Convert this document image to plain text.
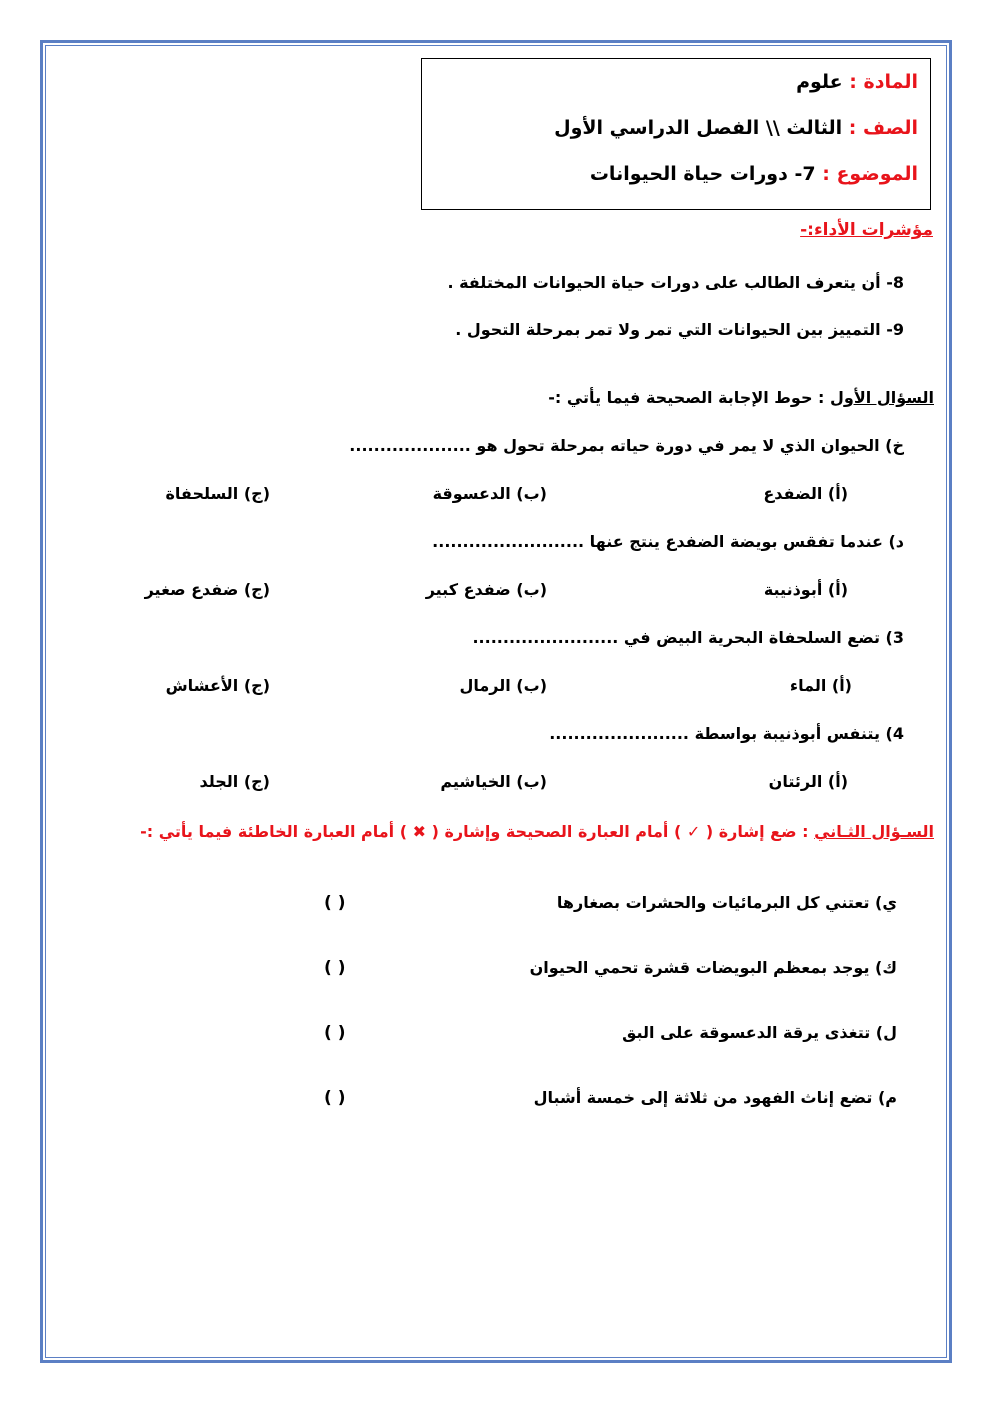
المادة : علوم
الصف : الثالث \\ الفصل الدراسي الأول
الموضوع : 7- دورات حياة الحيوانات
مؤشرات الأداء:-
8- أن يتعرف الطالب على دورات حياة الحيوانات المختلفة .
9- التمييز بين الحيوانات التي تمر ولا تمر بمرحلة التحول .
السؤال الأول : حوط الإجابة الصحيحة فيما يأتي :-
خ) الحيوان الذي لا يمر في دورة حياته بمرحلة تحول هو ....................
(أ) الضفدع
(ب) الدعسوقة
(ج) السلحفاة
د) عندما تفقس بويضة الضفدع ينتج عنها .........................
(أ) أبوذنيبة
(ب) ضفدع كبير
(ج) ضفدع صغير
3) تضع السلحفاة البحرية البيض في ........................
(أ) الماء
(ب) الرمال
(ج) الأعشاش
4) يتنفس أبوذنيبة بواسطة .......................
(أ) الرئتان
(ب) الخياشيم
(ج) الجلد
السـؤال الثـاني : ضع إشارة ( ✓ ) أمام العبارة الصحيحة وإشارة ( ✖ ) أمام العبارة الخاطئة فيما يأتي :-
ي) تعتني كل البرمائيات والحشرات بصغارها
( )
ك) يوجد بمعظم البويضات قشرة تحمي الحيوان
( )
ل) تتغذى يرقة الدعسوقة على البق
( )
م) تضع إناث الفهود من ثلاثة إلى خمسة أشبال
( )
